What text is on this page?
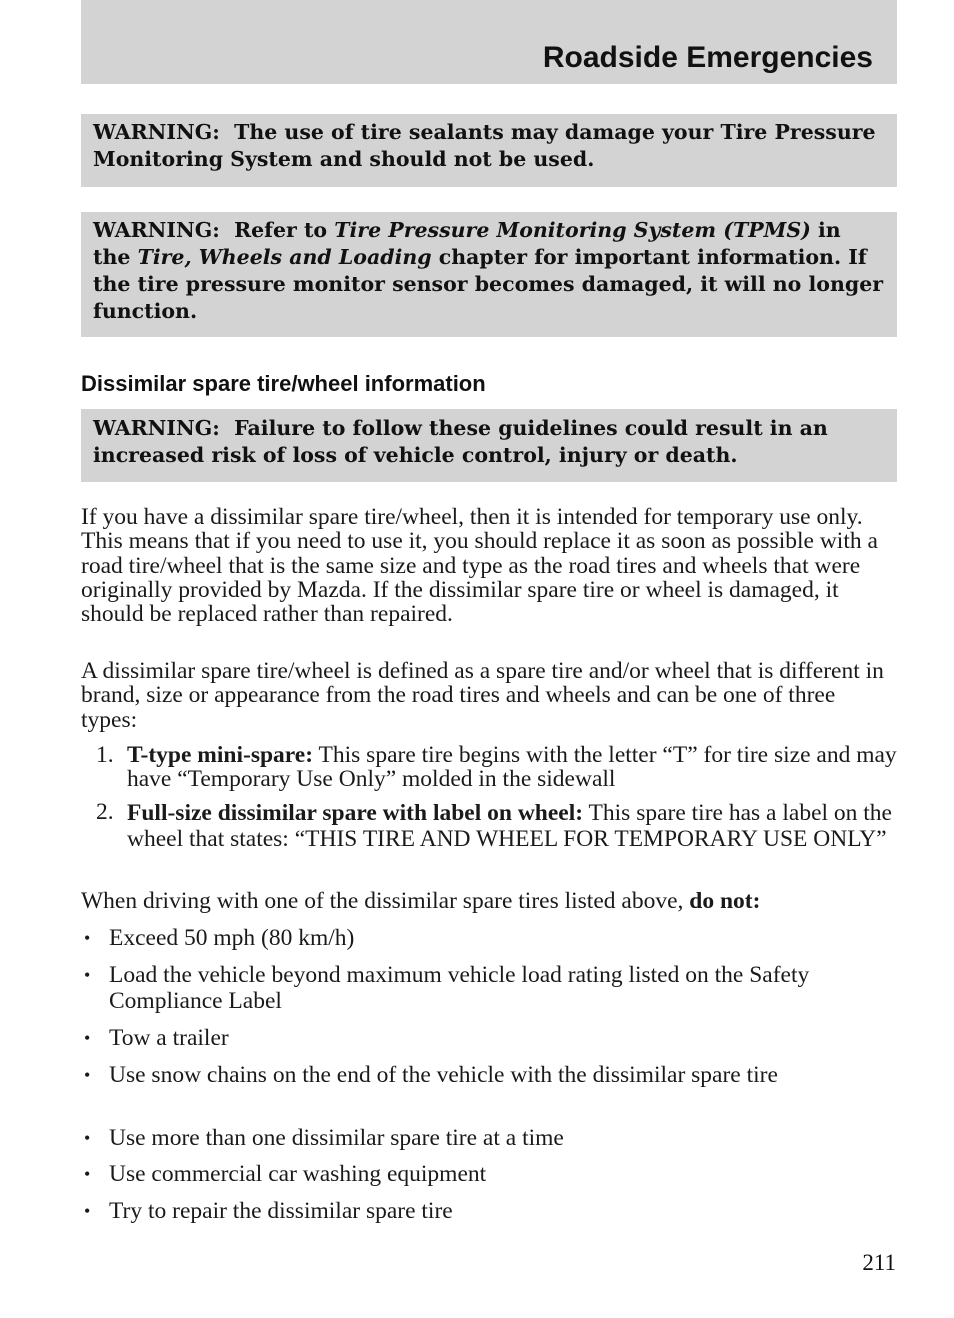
Roadside Emergencies
WARNING: The use of tire sealants may damage your Tire Pressure Monitoring System and should not be used.
WARNING: Refer to Tire Pressure Monitoring System (TPMS) in the Tire, Wheels and Loading chapter for important information. If the tire pressure monitor sensor becomes damaged, it will no longer function.
Dissimilar spare tire/wheel information
WARNING: Failure to follow these guidelines could result in an increased risk of loss of vehicle control, injury or death.

If you have a dissimilar spare tire/wheel, then it is intended for temporary use only. This means that if you need to use it, you should replace it as soon as possible with a road tire/wheel that is the same size and type as the road tires and wheels that were originally provided by Mazda. If the dissimilar spare tire or wheel is damaged, it should be replaced rather than repaired.

A dissimilar spare tire/wheel is defined as a spare tire and/or wheel that is different in brand, size or appearance from the road tires and wheels and can be one of three types:

1. T-type mini-spare: This spare tire begins with the letter “T” for tire size and may have “Temporary Use Only” molded in the sidewall
2. Full-size dissimilar spare with label on wheel: This spare tire has a label on the wheel that states: “THIS TIRE AND WHEEL FOR TEMPORARY USE ONLY”

When driving with one of the dissimilar spare tires listed above, do not:

• Exceed 50 mph (80 km/h)
• Load the vehicle beyond maximum vehicle load rating listed on the Safety Compliance Label
• Tow a trailer
• Use snow chains on the end of the vehicle with the dissimilar spare tire
• Use more than one dissimilar spare tire at a time
• Use commercial car washing equipment
• Try to repair the dissimilar spare tire
211
